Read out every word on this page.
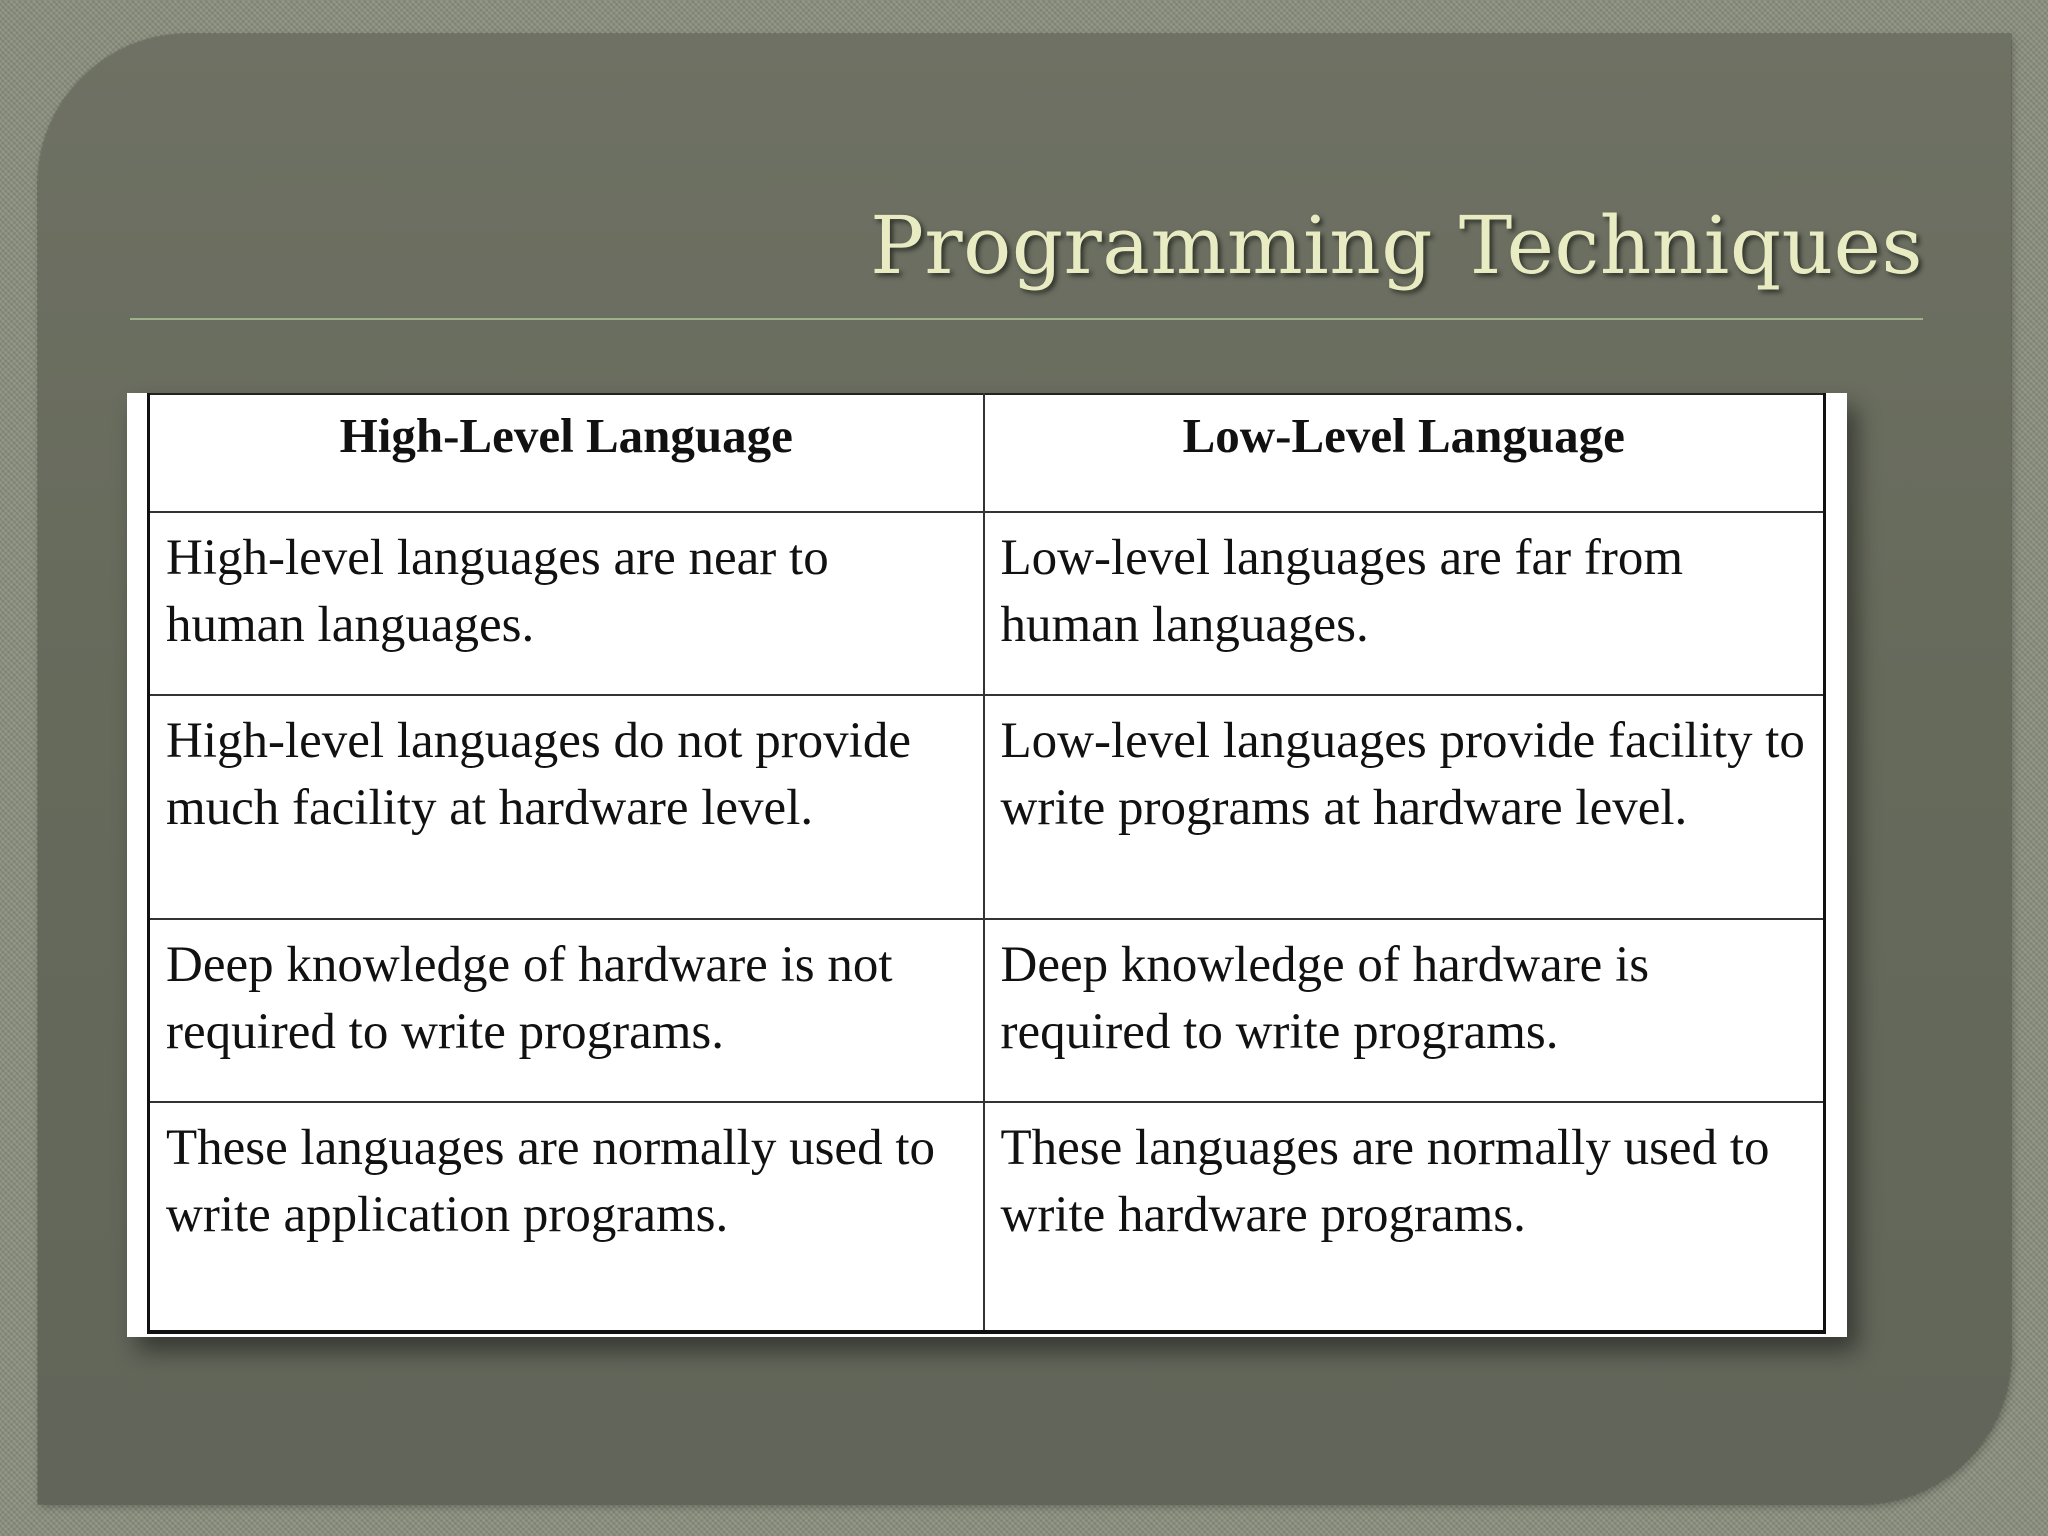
Programming Techniques
High-Level Language	Low-Level Language
High-level languages are near to human languages.	Low-level languages are far from human languages.
High-level languages do not provide much facility at hardware level.	Low-level languages provide facility to write programs at hardware level.
Deep knowledge of hardware is not required to write programs.	Deep knowledge of hardware is required to write programs.
These languages are normally used to write application programs.	These languages are normally used to write hardware programs.
